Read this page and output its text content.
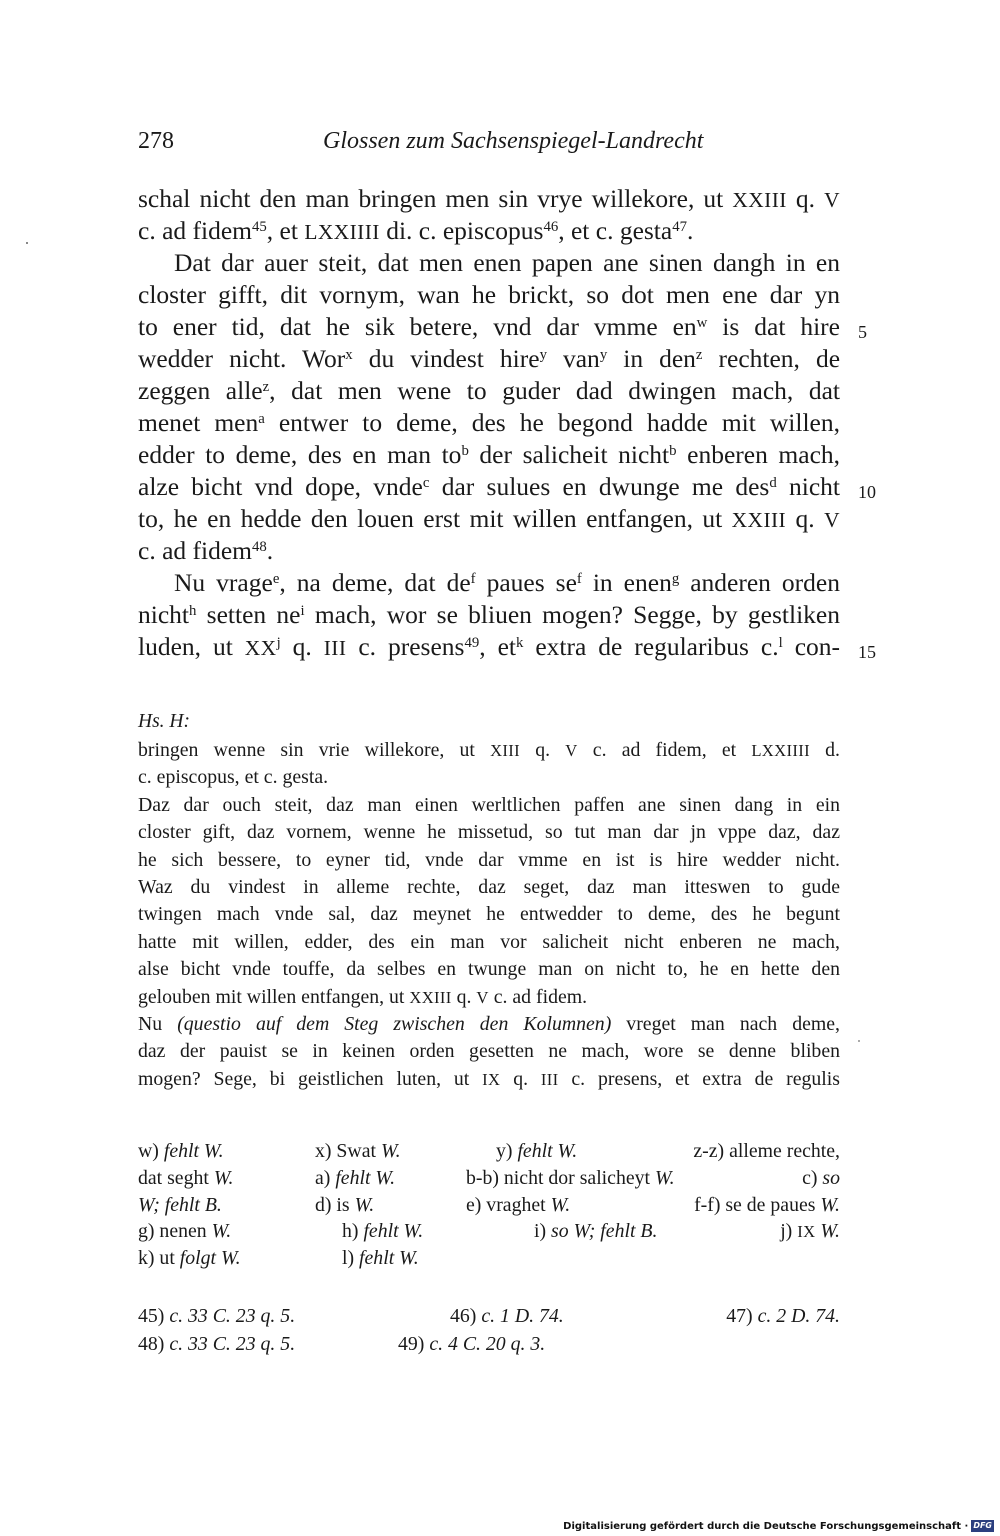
278	Glossen zum Sachsenspiegel-Landrecht
schal nicht den man bringen men sin vrye willekore, ut XXIII q. V
c. ad fidem$^{45}$, et LXXIIII di. c. episcopus$^{46}$, et c. gesta$^{47}$.
Dat dar auer steit, dat men enen papen ane sinen dangh in en
closter gifft, dit vornym, wan he brickt, so dot men ene dar yn
to ener tid, dat he sik betere, vnd dar vmme $en^w$ is dat hire
wedder nicht. Wor$^x$ du vindest hire$^y$ van$^y$ in den$^z$ rechten, de
zeggen alle$^z$, dat men wene to guder dad dwingen mach, dat
menet men$^a$ entwer to deme, des he begond hadde mit willen,
edder to deme, des en man $to^b$ der salicheit nicht$^b$ enberen mach,
alze bicht vnd dope, vnde$^c$ dar sulues en dwunge me des$^d$ nicht
to, he en hedde den louen erst mit willen entfangen, ut XXIII q. V
c. ad fidem$^{48}$.
Nu vrage$^e$, na deme, dat $de^f$ paues $se^f$ in enen$^g$ anderen orden
nicht$^h$ setten $ne^i$ mach, wor se bliuen mogen? Segge, by gestliken
luden, ut $XX^j$ q. III c. presens$^{49}$, $et^k$ extra de regularibus c.$^l$ con-
5
10
15
Hs. H:
bringen wenne sin vrie willekore, ut XIII q. V c. ad fidem, et LXXIIII d.
c. episcopus, et c. gesta.
Daz dar ouch steit, daz man einen werltlichen paffen ane sinen dang in ein
closter gift, daz vornem, wenne he missetud, so tut man dar jn vppe daz, daz
he sich bessere, to eyner tid, vnde dar vmme en ist is hire wedder nicht.
Waz du vindest in alleme rechte, daz seget, daz man itteswen to gude
twingen mach vnde sal, daz meynet he entwedder to deme, des he begunt
hatte mit willen, edder, des ein man vor salicheit nicht enberen ne mach,
alse bicht vnde touffe, da selbes en twunge man on nicht to, he en hette den
gelouben mit willen entfangen, ut XXIII q. V c. ad fidem.
Nu (questio auf dem Steg zwischen den Kolumnen) vreget man nach deme,
daz der pauist se in keinen orden gesetten ne mach, wore se denne bliben
mogen? Sege, bi geistlichen luten, ut IX q. III c. presens, et extra de regulis
w) fehlt W.	x) Swat W.	y) fehlt W.	z-z) alleme rechte,
dat seght W.	a) fehlt W.	b-b) nicht dor salicheyt W.	c) so
W; fehlt B.	d) is W.	e) vraghet W.	f-f) se de paues W.
g) nenen W.	h) fehlt W.	i) so W; fehlt B.	j) IX W.
k) ut folgt W.	l) fehlt W.
45) c. 33 C. 23 q. 5.	46) c. 1 D. 74.	47) c. 2 D. 74.
48) c. 33 C. 23 q. 5.	49) c. 4 C. 20 q. 3.
Digitalisierung gefördert durch die Deutsche Forschungsgemeinschaft · DFG
